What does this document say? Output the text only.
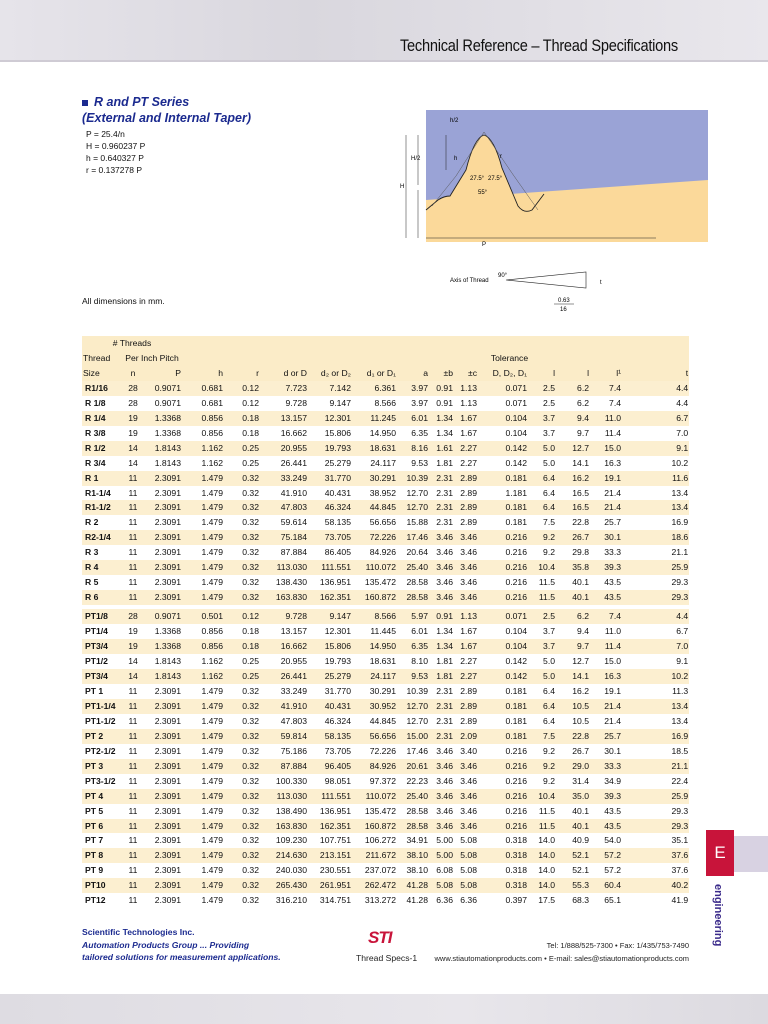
Technical Reference – Thread Specifications
R and PT Series
(External and Internal Taper)
P = 25.4/n
H = 0.960237 P
h = 0.640327 P
r = 0.137278 P
h/2
h
H
H/2	r
27.5° 27.5°
55°
P
Axis of Thread
90°
t
0.63
16
All dimensions in mm.
# Threads															
Thread	Per Inch Pitch								Tolerance						
Size	n	P	h	r	d or D	d₂ or D₂	d₁ or D₁	a	±b	±c	D, D₂, D₁	l	l	l¹	t
R1/16	28	0.9071	0.681	0.12	7.723	7.142	6.361	3.97	0.91	1.13	0.071	2.5	6.2	7.4	4.4
R 1/8	28	0.9071	0.681	0.12	9.728	9.147	8.566	3.97	0.91	1.13	0.071	2.5	6.2	7.4	4.4
R 1/4	19	1.3368	0.856	0.18	13.157	12.301	11.245	6.01	1.34	1.67	0.104	3.7	9.4	11.0	6.7
R 3/8	19	1.3368	0.856	0.18	16.662	15.806	14.950	6.35	1.34	1.67	0.104	3.7	9.7	11.4	7.0
R 1/2	14	1.8143	1.162	0.25	20.955	19.793	18.631	8.16	1.61	2.27	0.142	5.0	12.7	15.0	9.1
R 3/4	14	1.8143	1.162	0.25	26.441	25.279	24.117	9.53	1.81	2.27	0.142	5.0	14.1	16.3	10.2
R 1	11	2.3091	1.479	0.32	33.249	31.770	30.291	10.39	2.31	2.89	0.181	6.4	16.2	19.1	11.6
R1-1/4	11	2.3091	1.479	0.32	41.910	40.431	38.952	12.70	2.31	2.89	1.181	6.4	16.5	21.4	13.4
R1-1/2	11	2.3091	1.479	0.32	47.803	46.324	44.845	12.70	2.31	2.89	0.181	6.4	16.5	21.4	13.4
R 2	11	2.3091	1.479	0.32	59.614	58.135	56.656	15.88	2.31	2.89	0.181	7.5	22.8	25.7	16.9
R2-1/4	11	2.3091	1.479	0.32	75.184	73.705	72.226	17.46	3.46	3.46	0.216	9.2	26.7	30.1	18.6
R 3	11	2.3091	1.479	0.32	87.884	86.405	84.926	20.64	3.46	3.46	0.216	9.2	29.8	33.3	21.1
R 4	11	2.3091	1.479	0.32	113.030	111.551	110.072	25.40	3.46	3.46	0.216	10.4	35.8	39.3	25.9
R 5	11	2.3091	1.479	0.32	138.430	136.951	135.472	28.58	3.46	3.46	0.216	11.5	40.1	43.5	29.3
R 6	11	2.3091	1.479	0.32	163.830	162.351	160.872	28.58	3.46	3.46	0.216	11.5	40.1	43.5	29.3

PT1/8	28	0.9071	0.501	0.12	9.728	9.147	8.566	5.97	0.91	1.13	0.071	2.5	6.2	7.4	4.4
PT1/4	19	1.3368	0.856	0.18	13.157	12.301	11.445	6.01	1.34	1.67	0.104	3.7	9.4	11.0	6.7
PT3/4	19	1.3368	0.856	0.18	16.662	15.806	14.950	6.35	1.34	1.67	0.104	3.7	9.7	11.4	7.0
PT1/2	14	1.8143	1.162	0.25	20.955	19.793	18.631	8.10	1.81	2.27	0.142	5.0	12.7	15.0	9.1
PT3/4	14	1.8143	1.162	0.25	26.441	25.279	24.117	9.53	1.81	2.27	0.142	5.0	14.1	16.3	10.2
PT 1	11	2.3091	1.479	0.32	33.249	31.770	30.291	10.39	2.31	2.89	0.181	6.4	16.2	19.1	11.3
PT1-1/4	11	2.3091	1.479	0.32	41.910	40.431	30.952	12.70	2.31	2.89	0.181	6.4	10.5	21.4	13.4
PT1-1/2	11	2.3091	1.479	0.32	47.803	46.324	44.845	12.70	2.31	2.89	0.181	6.4	10.5	21.4	13.4
PT 2	11	2.3091	1.479	0.32	59.814	58.135	56.656	15.00	2.31	2.09	0.181	7.5	22.8	25.7	16.9
PT2-1/2	11	2.3091	1.479	0.32	75.186	73.705	72.226	17.46	3.46	3.40	0.216	9.2	26.7	30.1	18.5
PT 3	11	2.3091	1.479	0.32	87.884	96.405	84.926	20.61	3.46	3.46	0.216	9.2	29.0	33.3	21.1
PT3-1/2	11	2.3091	1.479	0.32	100.330	98.051	97.372	22.23	3.46	3.46	0.216	9.2	31.4	34.9	22.4
PT 4	11	2.3091	1.479	0.32	113.030	111.551	110.072	25.40	3.46	3.46	0.216	10.4	35.0	39.3	25.9
PT 5	11	2.3091	1.479	0.32	138.490	136.951	135.472	28.58	3.46	3.46	0.216	11.5	40.1	43.5	29.3
PT 6	11	2.3091	1.479	0.32	163.830	162.351	160.872	28.58	3.46	3.46	0.216	11.5	40.1	43.5	29.3
PT 7	11	2.3091	1.479	0.32	109.230	107.751	106.272	34.91	5.00	5.08	0.318	14.0	40.9	54.0	35.1
PT 8	11	2.3091	1.479	0.32	214.630	213.151	211.672	38.10	5.00	5.08	0.318	14.0	52.1	57.2	37.6
PT 9	11	2.3091	1.479	0.32	240.030	230.551	237.072	38.10	6.08	5.08	0.318	14.0	52.1	57.2	37.6
PT10	11	2.3091	1.479	0.32	265.430	261.951	262.472	41.28	5.08	5.08	0.318	14.0	55.3	60.4	40.2
PT12	11	2.3091	1.479	0.32	316.210	314.751	313.272	41.28	6.36	6.36	0.397	17.5	68.3	65.1	41.9
E
engineering
Scientific Technologies Inc.
Automation Products Group ... Providing
tailored solutions for measurement applications.
STI
Thread Specs-1
Tel: 1/888/525-7300 • Fax: 1/435/753-7490
www.stiautomationproducts.com • E-mail: sales@stiautomationproducts.com
